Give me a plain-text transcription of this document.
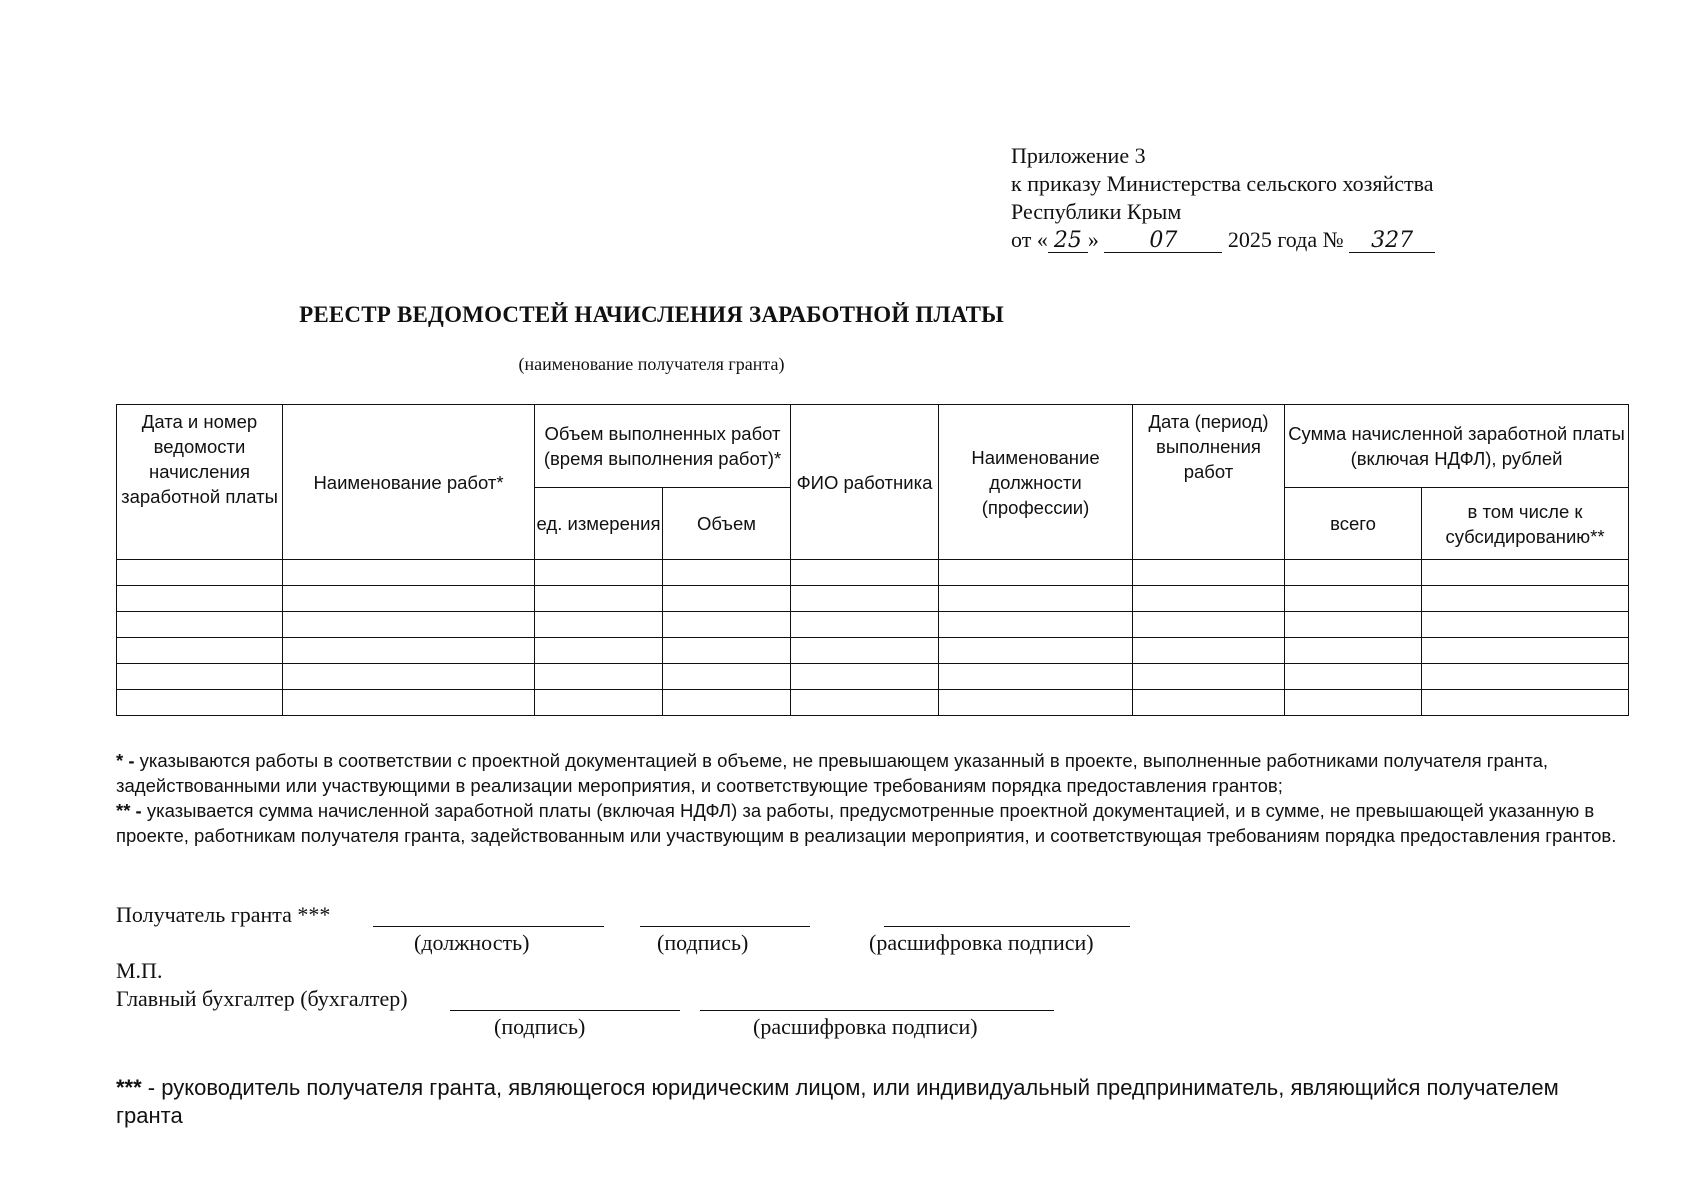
Приложение 3
к приказу Министерства сельского хозяйства
Республики Крым
от « 25 » 07 2025 года № 327
РЕЕСТР ВЕДОМОСТЕЙ НАЧИСЛЕНИЯ ЗАРАБОТНОЙ ПЛАТЫ
(наименование получателя гранта)
Дата и номер ведомости начисления заработной платы	Наименование работ*	Объем выполненных работ (время выполнения работ)*		ФИО работника	Наименование должности (профессии)	Дата (период) выполнения работ	Сумма начисленной заработной платы (включая НДФЛ), рублей	
		ед. измерения	Объем				всего	в том числе к субсидированию**

* - указываются работы в соответствии с проектной документацией в объеме, не превышающем указанный в проекте, выполненные работниками получателя гранта, задействованными или участвующими в реализации мероприятия, и соответствующие требованиям порядка предоставления грантов;
** - указывается сумма начисленной заработной платы (включая НДФЛ) за работы, предусмотренные проектной документацией, и в сумме, не превышающей указанную в проекте, работникам получателя гранта, задействованным или участвующим в реализации мероприятия, и соответствующая требованиям порядка предоставления грантов.
Получатель гранта ***
(должность)	(подпись)	(расшифровка подписи)
М.П.
Главный бухгалтер (бухгалтер)
(подпись)	(расшифровка подписи)
*** - руководитель получателя гранта, являющегося юридическим лицом, или индивидуальный предприниматель, являющийся получателем гранта
